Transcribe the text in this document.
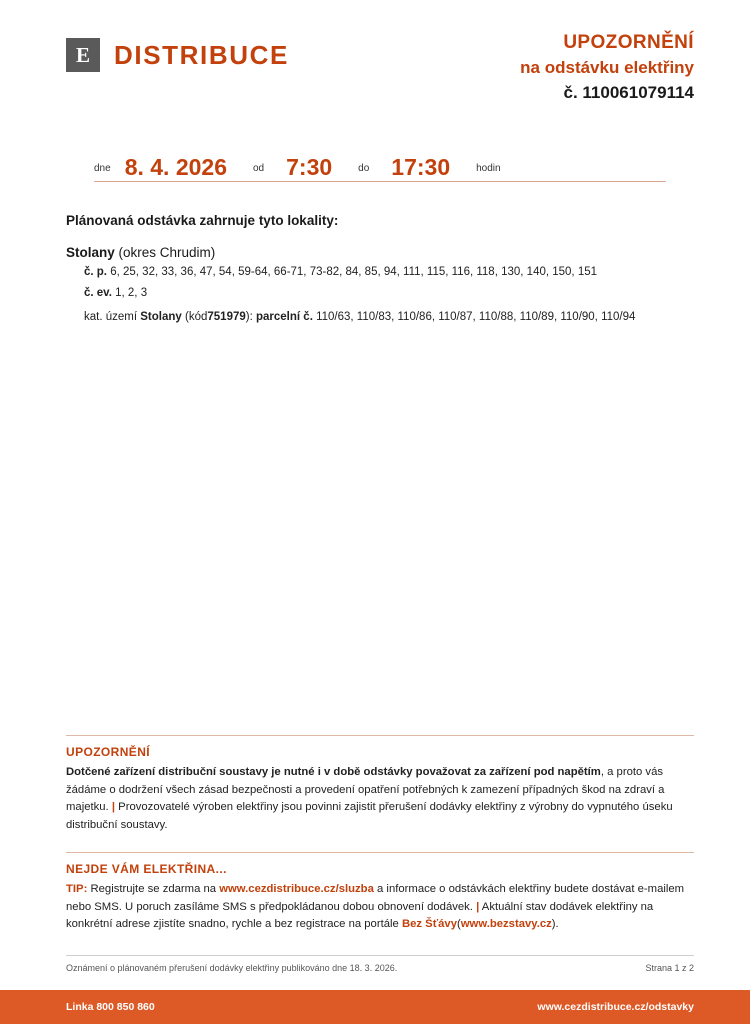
E DISTRIBUCE	UPOZORNĚNÍ
na odstávku elektřiny
č. 110061079114
dne 8. 4. 2026	od 7:30	do 17:30	hodin
Plánovaná odstávka zahrnuje tyto lokality:
Stolany (okres Chrudim)
č. p. 6, 25, 32, 33, 36, 47, 54, 59-64, 66-71, 73-82, 84, 85, 94, 111, 115, 116, 118, 130, 140, 150, 151
č. ev. 1, 2, 3
kat. území Stolany (kód751979): parcelní č. 110/63, 110/83, 110/86, 110/87, 110/88, 110/89, 110/90, 110/94
UPOZORNĚNÍ
Dotčené zařízení distribuční soustavy je nutné i v době odstávky považovat za zařízení pod napětím, a proto vás žádáme o dodržení všech zásad bezpečnosti a provedení opatření potřebných k zamezení případných škod na zdraví a majetku. | Provozovatelé výroben elektřiny jsou povinni zajistit přerušení dodávky elektřiny z výrobny do vypnutého úseku distribuční soustavy.
NEJDE VÁM ELEKTŘINA...
TIP: Registrujte se zdarma na www.cezdistribuce.cz/sluzba a informace o odstávkách elektřiny budete dostávat e-mailem nebo SMS. U poruch zasíláme SMS s předpokládanou dobou obnovení dodávek. | Aktuální stav dodávek elektřiny na konkrétní adrese zjistíte snadno, rychle a bez registrace na portále Bez Šťávy(www.bezstavy.cz).
Oznámení o plánovaném přerušení dodávky elektřiny publikováno dne 18. 3. 2026.	Strana 1 z 2
Linka 800 850 860	www.cezdistribuce.cz/odstavky
